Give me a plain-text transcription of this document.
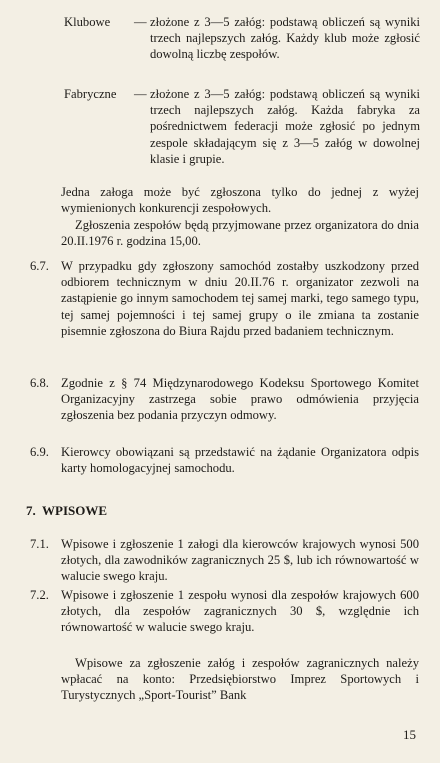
Klubowe	— złożone z 3—5 załóg: podstawą obliczeń są wyniki trzech najlepszych załóg. Każdy klub może zgłosić dowolną liczbę zespołów.
Fabryczne	— złożone z 3—5 załóg: podstawą obliczeń są wyniki trzech najlepszych załóg. Każda fabryka za pośrednictwem federacji może zgłosić po jednym zespole składającym się z 3—5 załóg w dowolnej klasie i grupie.
Jedna załoga może być zgłoszona tylko do jednej z wyżej wymienionych konkurencji zespołowych.
Zgłoszenia zespołów będą przyjmowane przez organizatora do dnia 20.II.1976 r. godzina 15,00.
6.7. W przypadku gdy zgłoszony samochód zostałby uszkodzony przed odbiorem technicznym w dniu 20.II.76 r. organizator zezwoli na zastąpienie go innym samochodem tej samej marki, tego samego typu, tej samej pojemności i tej samej grupy o ile zmiana ta zostanie pisemnie zgłoszona do Biura Rajdu przed badaniem technicznym.
6.8. Zgodnie z § 74 Międzynarodowego Kodeksu Sportowego Komitet Organizacyjny zastrzega sobie prawo odmówienia przyjęcia zgłoszenia bez podania przyczyn odmowy.
6.9. Kierowcy obowiązani są przedstawić na żądanie Organizatora odpis karty homologacyjnej samochodu.
7. WPISOWE
7.1. Wpisowe i zgłoszenie 1 załogi dla kierowców krajowych wynosi 500 złotych, dla zawodników zagranicznych 25 $, lub ich równowartość w walucie swego kraju.
7.2. Wpisowe i zgłoszenie 1 zespołu wynosi dla zespołów krajowych 600 złotych, dla zespołów zagranicznych 30 $, względnie ich równowartość w walucie swego kraju.
Wpisowe za zgłoszenie załóg i zespołów zagranicznych należy wpłacać na konto: Przedsiębiorstwo Imprez Sportowych i Turystycznych „Sport-Tourist” Bank
15
